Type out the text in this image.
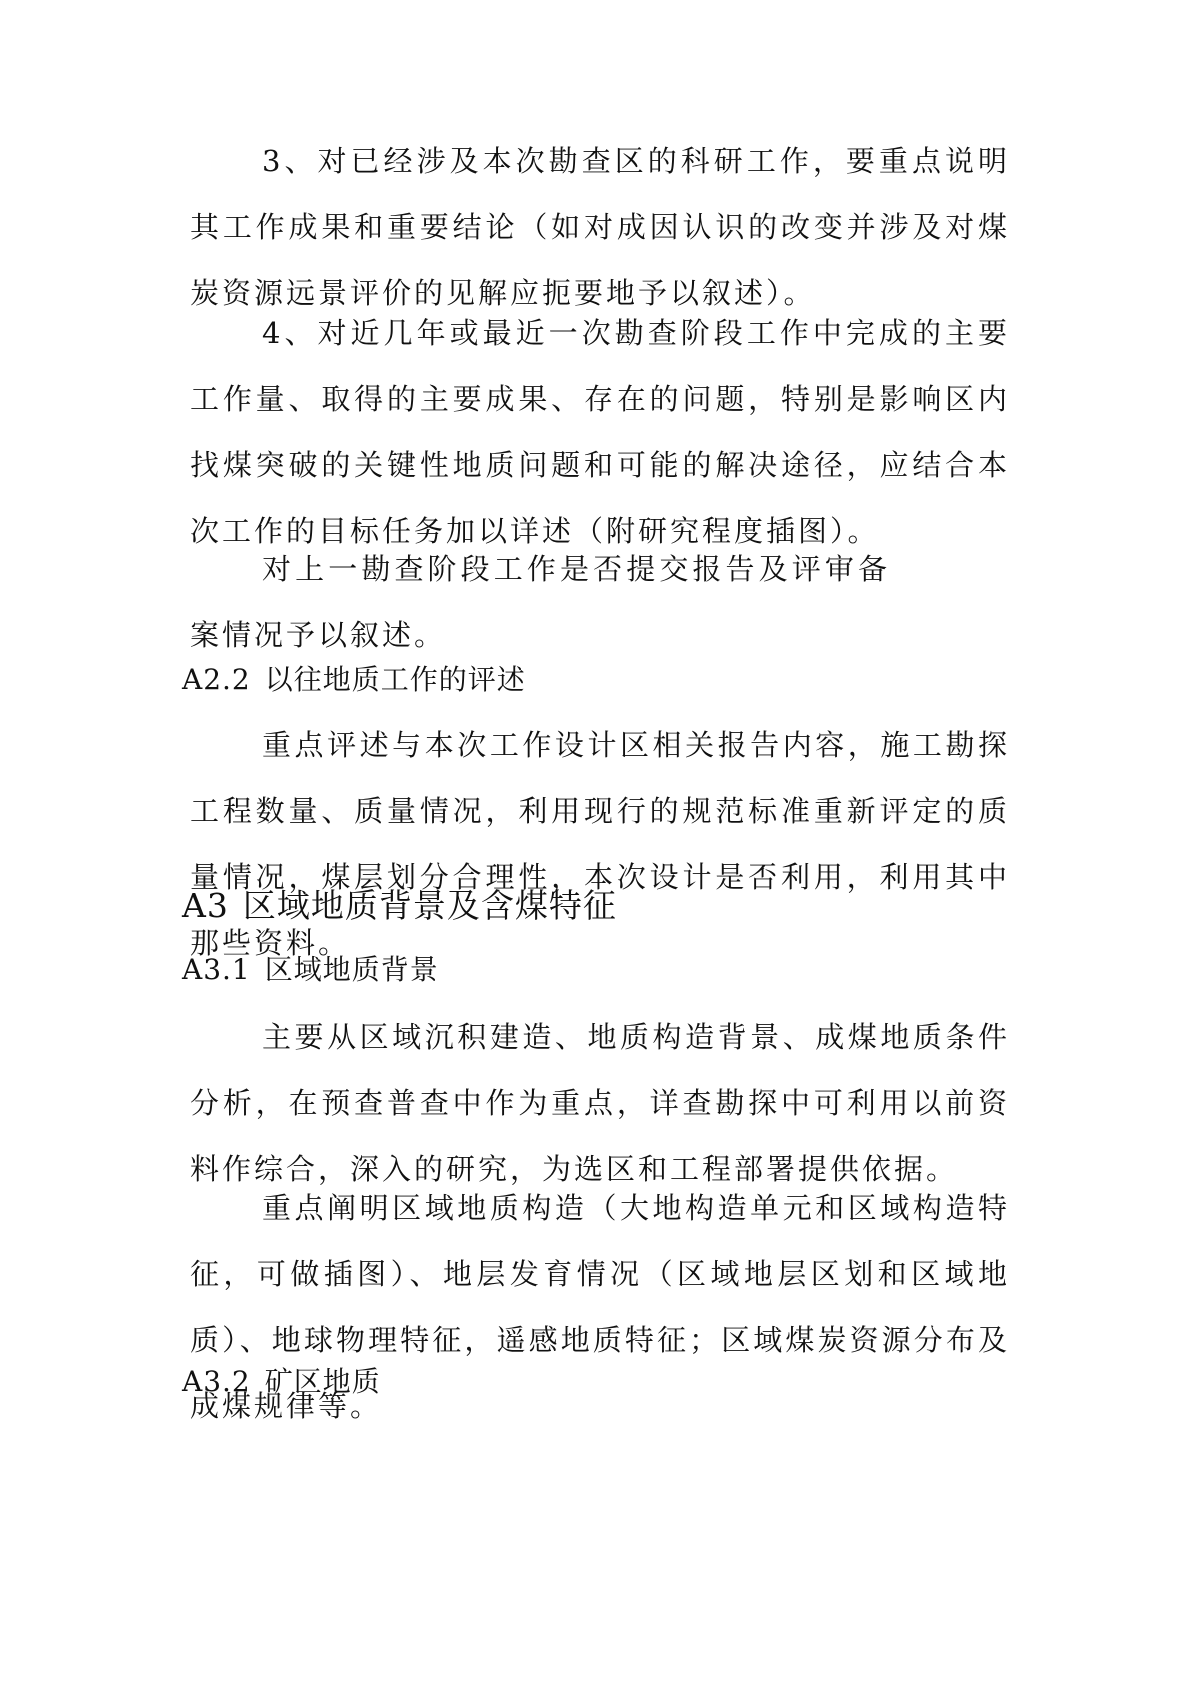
3、对已经涉及本次勘查区的科研工作，要重点说明其工作成果和重要结论（如对成因认识的改变并涉及对煤炭资源远景评价的见解应扼要地予以叙述）。

4、对近几年或最近一次勘查阶段工作中完成的主要工作量、取得的主要成果、存在的问题，特别是影响区内找煤突破的关键性地质问题和可能的解决途径，应结合本次工作的目标任务加以详述（附研究程度插图）。

对上一勘查阶段工作是否提交报告及评审备案情况予以叙述。

A2.2 以往地质工作的评述

重点评述与本次工作设计区相关报告内容，施工勘探工程数量、质量情况，利用现行的规范标准重新评定的质量情况，煤层划分合理性，本次设计是否利用，利用其中那些资料。

A3 区域地质背景及含煤特征
A3.1 区域地质背景

主要从区域沉积建造、地质构造背景、成煤地质条件分析，在预查普查中作为重点，详查勘探中可利用以前资料作综合，深入的研究，为选区和工程部署提供依据。

重点阐明区域地质构造（大地构造单元和区域构造特征，可做插图）、地层发育情况（区域地层区划和区域地质）、地球物理特征，遥感地质特征；区域煤炭资源分布及成煤规律等。

A3.2 矿区地质
